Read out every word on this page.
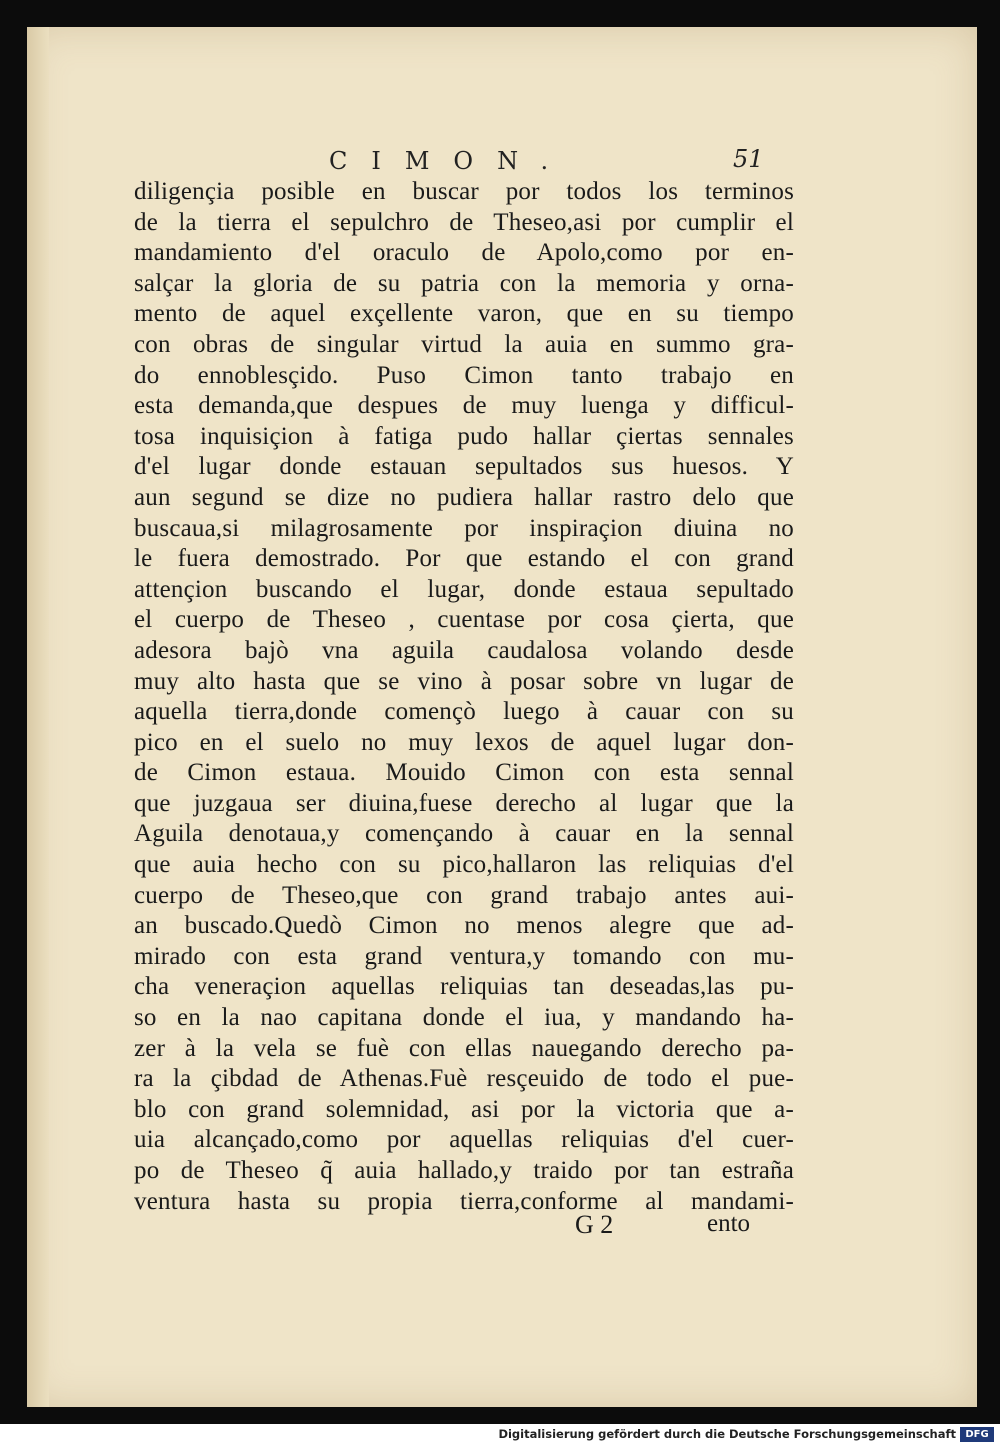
CIMON.	51
diligençia posible en buscar por todos los terminos
de la tierra el sepulchro de Theseo,asi por cumplir el
mandamiento d'el oraculo de Apolo,como por en-
salçar la gloria de su patria con la memoria y orna-
mento de aquel exçellente varon, que en su tiempo
con obras de singular virtud la auia en summo gra-
do ennoblesçido. Puso Cimon tanto trabajo en
esta demanda,que despues de muy luenga y difficul-
tosa inquisiçion à fatiga pudo hallar çiertas sennales
d'el lugar donde estauan sepultados sus huesos. Y
aun segund se dize no pudiera hallar rastro delo que
buscaua,si milagrosamente por inspiraçion diuina no
le fuera demostrado. Por que estando el con grand
attençion buscando el lugar, donde estaua sepultado
el cuerpo de Theseo , cuentase por cosa çierta, que
adesora bajò vna aguila caudalosa volando desde
muy alto hasta que se vino à posar sobre vn lugar de
aquella tierra,donde començò luego à cauar con su
pico en el suelo no muy lexos de aquel lugar don-
de Cimon estaua. Mouido Cimon con esta sennal
que juzgaua ser diuina,fuese derecho al lugar que la
Aguila denotaua,y començando à cauar en la sennal
que auia hecho con su pico,hallaron las reliquias d'el
cuerpo de Theseo,que con grand trabajo antes aui-
an buscado.Quedò Cimon no menos alegre que ad-
mirado con esta grand ventura,y tomando con mu-
cha veneraçion aquellas reliquias tan deseadas,las pu-
so en la nao capitana donde el iua, y mandando ha-
zer à la vela se fuè con ellas nauegando derecho pa-
ra la çibdad de Athenas.Fuè resçeuido de todo el pue-
blo con grand solemnidad, asi por la victoria que a-
uia alcançado,como por aquellas reliquias d'el cuer-
po de Theseo q̃ auia hallado,y traido por tan estraña
ventura hasta su propia tierra,conforme al mandami-
G 2	ento
Digitalisierung gefördert durch die Deutsche Forschungsgemeinschaft DFG
